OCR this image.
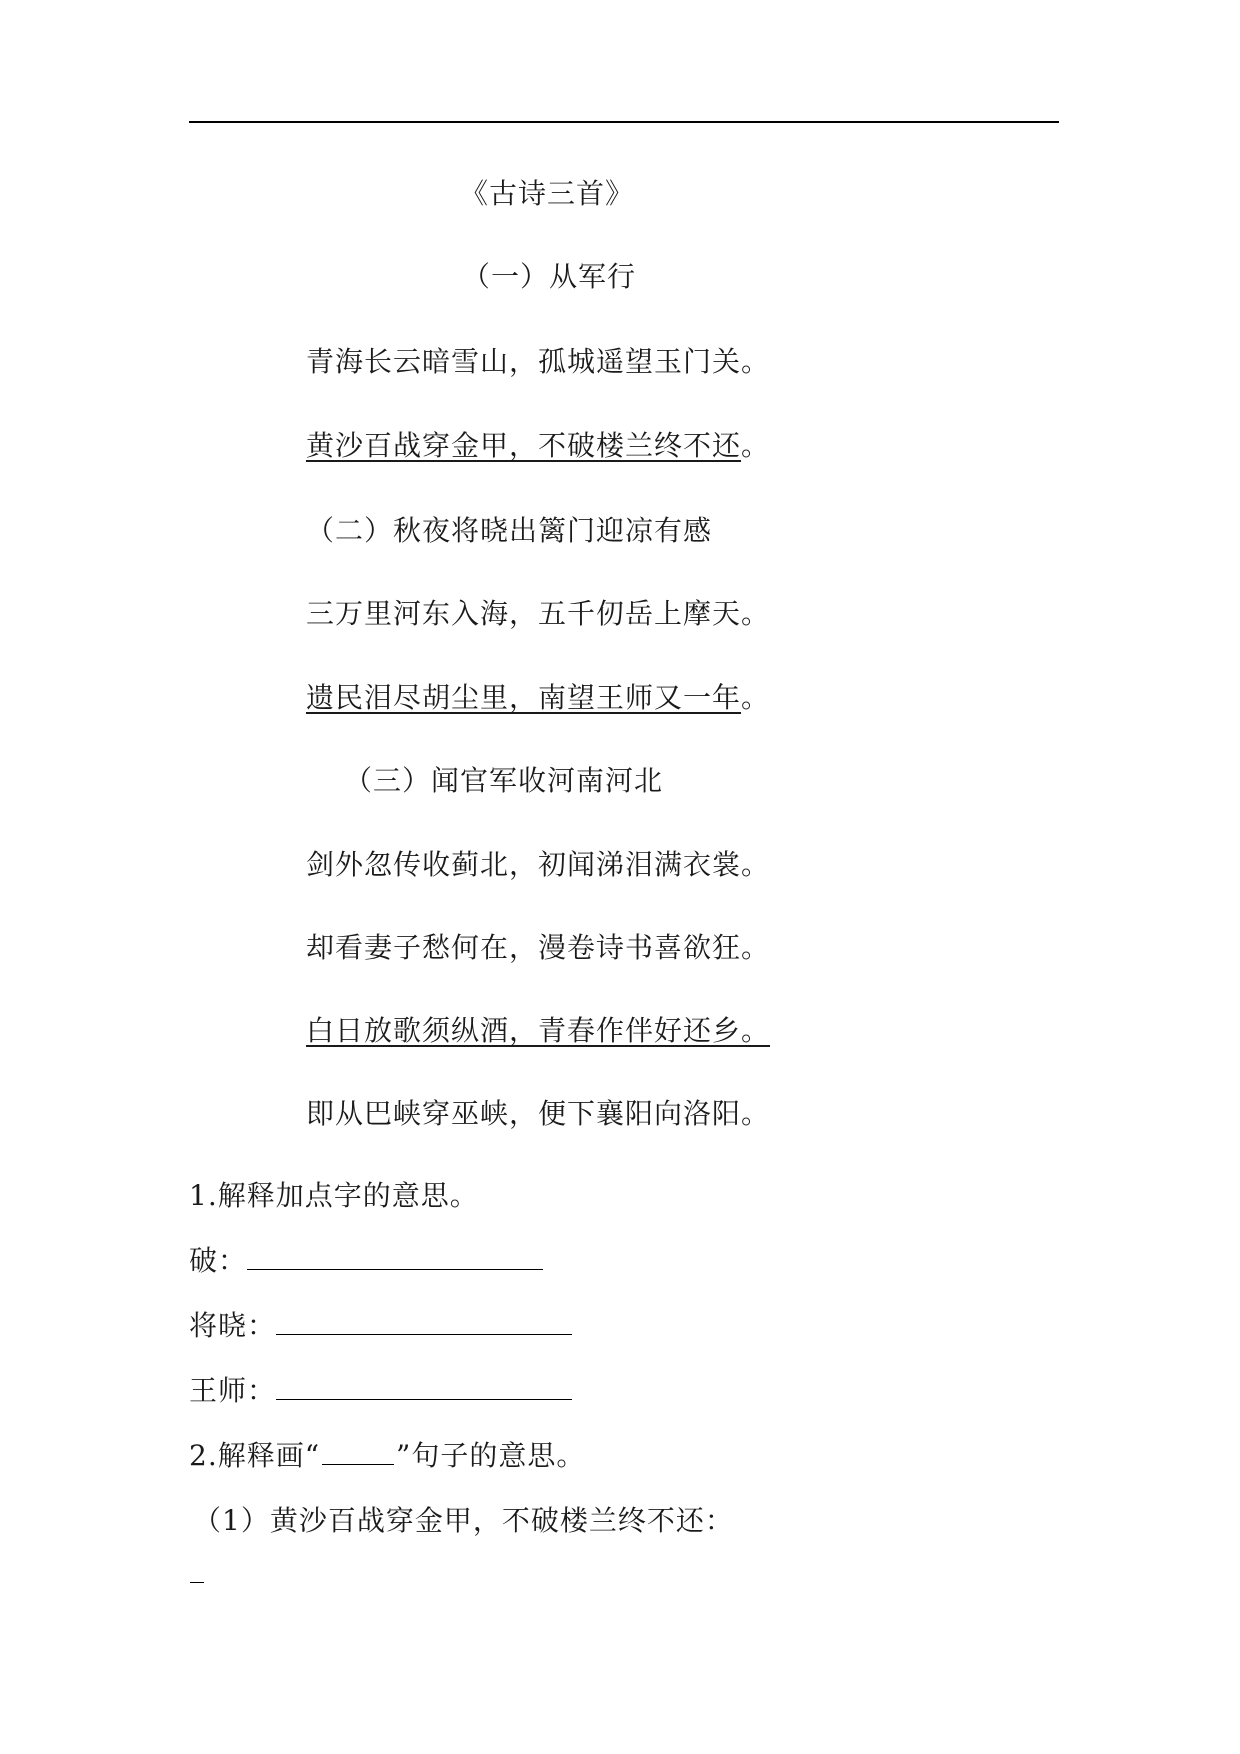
《古诗三首》
（一）从军行
青海长云暗雪山，孤城遥望玉门关。
黄沙百战穿金甲，不破楼兰终不还。
（二）秋夜将晓出篱门迎凉有感
三万里河东入海，五千仞岳上摩天。
遗民泪尽胡尘里，南望王师又一年。
（三）闻官军收河南河北
剑外忽传收蓟北，初闻涕泪满衣裳。
却看妻子愁何在，漫卷诗书喜欲狂。
白日放歌须纵酒，青春作伴好还乡。
即从巴峡穿巫峡，便下襄阳向洛阳。
1.解释加点字的意思。
破：
将晓：
王师：
2.解释画“	”句子的意思。
（1）黄沙百战穿金甲，不破楼兰终不还：
